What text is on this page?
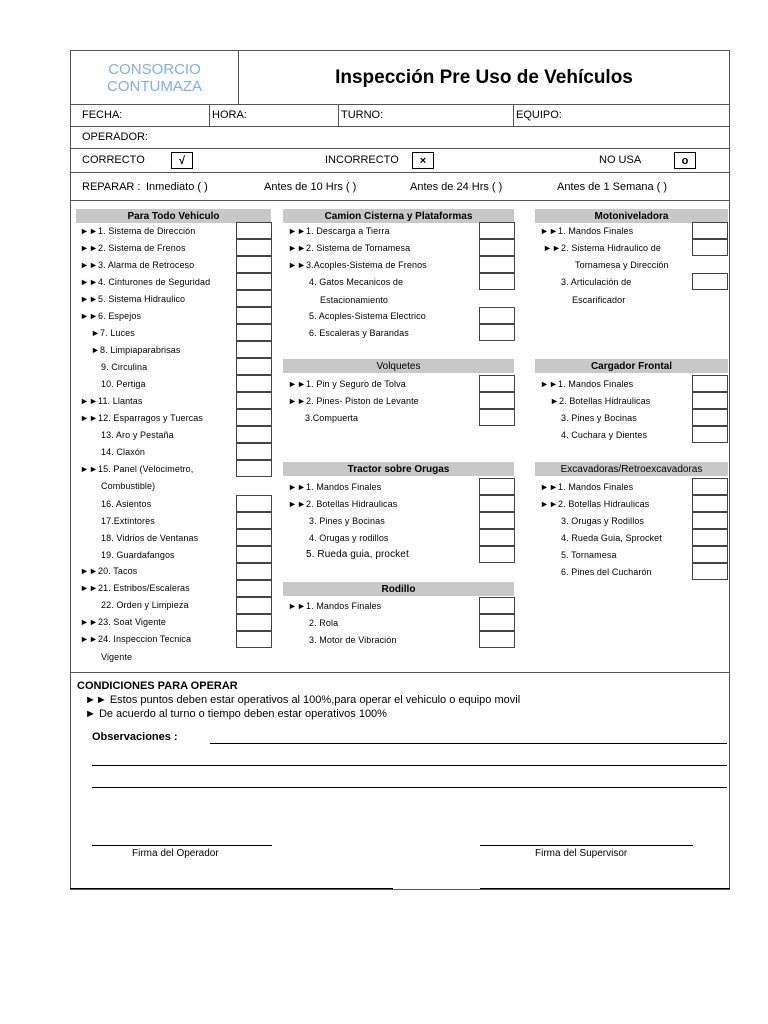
CONSORCIO
CONTUMAZA	Inspección Pre Uso de Vehículos
FECHA:	HORA:	TURNO:	EQUIPO:
OPERADOR:
CORRECTO	√	INCORRECTO	×	NO USA	o
REPARAR : Inmediato ( )	Antes de 10 Hrs ( )	Antes de 24 Hrs ( )	Antes de 1 Semana ( )
Para Todo Vehiculo
►►1. Sistema de Dirección
►►2. Sistema de Frenos
►►3. Alarma de Retroceso
►►4. Cinturones de Seguridad
►►5. Sistema Hidraulico
►►6. Espejos
►7. Luces
►8. Limpiaparabrisas
9. Circulina
10. Pertiga
►►11. Llantas
►►12. Esparragos y Tuercas
13. Aro y Pestaña
14. Claxón
►►15. Panel (Velocimetro,
Combustible)
16. Asientos
17.Extintores
18. Vidrios de Ventanas
19. Guardafangos
►►20. Tacos
►►21. Estribos/Escaleras
22. Orden y Limpieza
►►23. Soat Vigente
►►24. Inspeccion Tecnica
Vigente
Camion Cisterna y Plataformas
►►1. Descarga a Tierra
►►2. Sistema de Tornamesa
►►3.Acoples-Sistema de Frenos
4. Gatos Mecanicos de
Estacionamiento
5. Acoples-Sistema Electrico
6. Escaleras y Barandas
Volquetes
►►1. Pin y Seguro de Tolva
►►2. Pines- Piston de Levante
3.Compuerta
Tractor sobre Orugas
►►1. Mandos Finales
►►2. Botellas Hidraulicas
3. Pines y Bocinas
4. Orugas y rodillos
5. Rueda guia, procket
Rodillo
►►1. Mandos Finales
2. Rola
3. Motor de Vibración
Motoniveladora
►►1. Mandos Finales
►►2. Sistema Hidraulico de
Tornamesa y Dirección
3. Articulación de
Escarificador
Cargador Frontal
►►1. Mandos Finales
►2. Botellas Hidraulicas
3. Pines y Bocinas
4. Cuchara y Dientes
Excavadoras/Retroexcavadoras
►►1. Mandos Finales
►►2. Botellas Hidraulicas
3. Orugas y Rodillos
4. Rueda Guia, Sprocket
5. Tornamesa
6. Pines del Cucharón
CONDICIONES PARA OPERAR
►► Estos puntos deben estar operativos al 100%,para operar el vehiculo o equipo movil
► De acuerdo al turno o tiempo deben estar operativos 100%
Observaciones :
Firma del Operador	Firma del Supervisor
